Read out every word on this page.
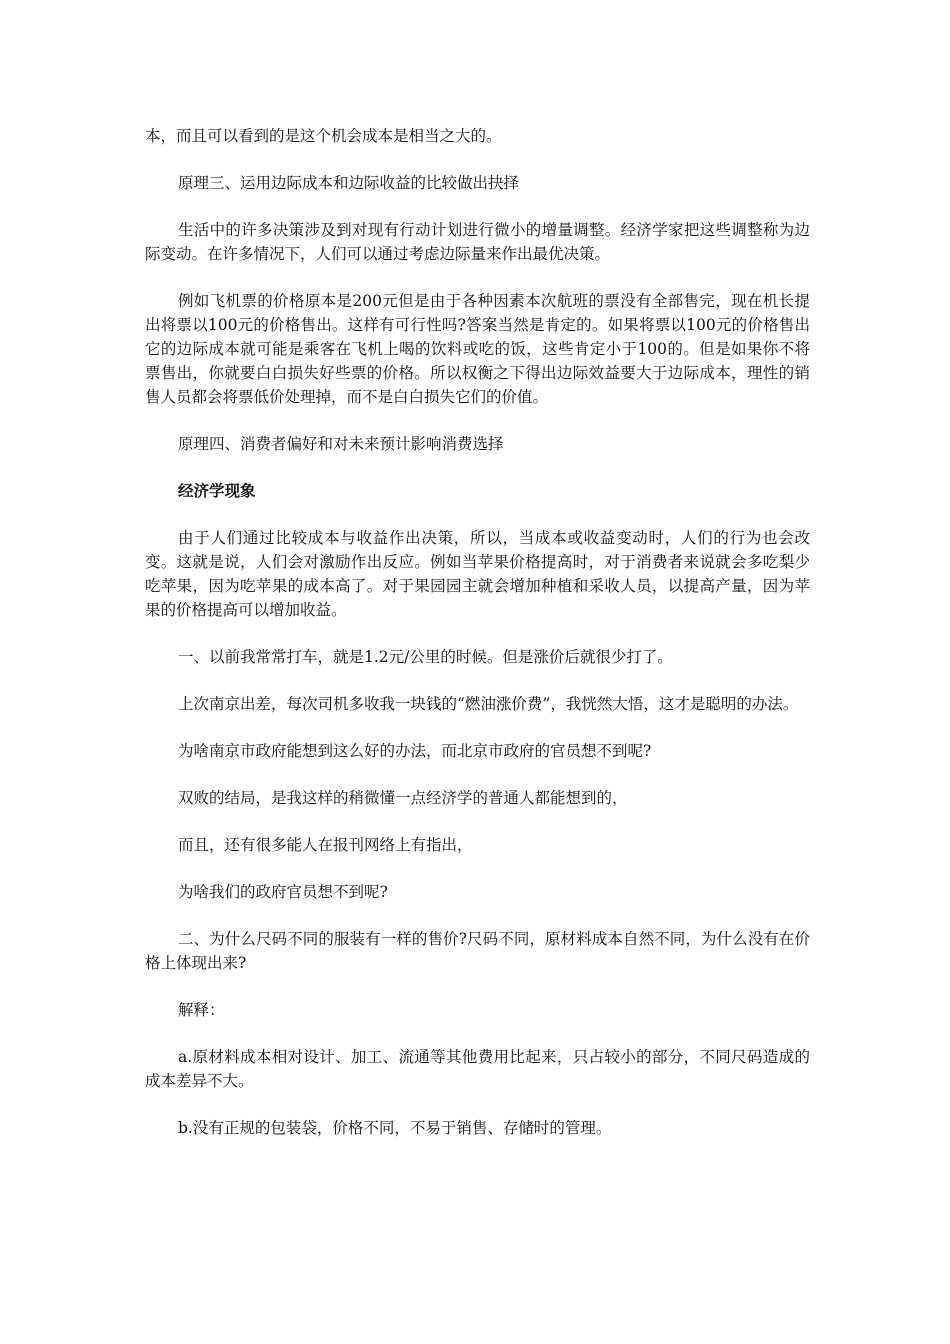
本，而且可以看到的是这个机会成本是相当之大的。

原理三、运用边际成本和边际收益的比较做出抉择

生活中的许多决策涉及到对现有行动计划进行微小的增量调整。经济学家把这些调整称为边际变动。在许多情况下，人们可以通过考虑边际量来作出最优决策。

例如飞机票的价格原本是200元但是由于各种因素本次航班的票没有全部售完，现在机长提出将票以100元的价格售出。这样有可行性吗?答案当然是肯定的。如果将票以100元的价格售出它的边际成本就可能是乘客在飞机上喝的饮料或吃的饭，这些肯定小于100的。但是如果你不将票售出，你就要白白损失好些票的价格。所以权衡之下得出边际效益要大于边际成本，理性的销售人员都会将票低价处理掉，而不是白白损失它们的价值。

原理四、消费者偏好和对未来预计影响消费选择

经济学现象

由于人们通过比较成本与收益作出决策，所以，当成本或收益变动时，人们的行为也会改变。这就是说，人们会对激励作出反应。例如当苹果价格提高时，对于消费者来说就会多吃梨少吃苹果，因为吃苹果的成本高了。对于果园园主就会增加种植和采收人员，以提高产量，因为苹果的价格提高可以增加收益。

一、以前我常常打车，就是1.2元/公里的时候。但是涨价后就很少打了。

上次南京出差，每次司机多收我一块钱的“燃油涨价费”，我恍然大悟，这才是聪明的办法。

为啥南京市政府能想到这么好的办法，而北京市政府的官员想不到呢?

双败的结局，是我这样的稍微懂一点经济学的普通人都能想到的，

而且，还有很多能人在报刊网络上有指出，

为啥我们的政府官员想不到呢?

二、为什么尺码不同的服装有一样的售价?尺码不同，原材料成本自然不同，为什么没有在价格上体现出来?

解释：

a.原材料成本相对设计、加工、流通等其他费用比起来，只占较小的部分，不同尺码造成的成本差异不大。

b.没有正规的包装袋，价格不同，不易于销售、存储时的管理。
